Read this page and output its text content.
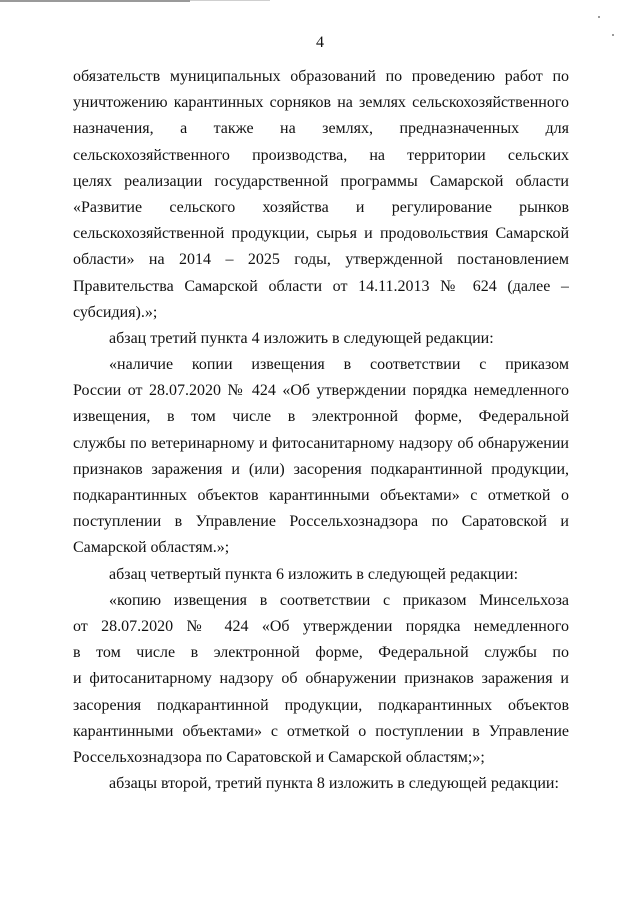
4
обязательств муниципальных образований по проведению работ по
уничтожению карантинных сорняков на землях сельскохозяйственного
назначения, а также на землях, предназначенных для
сельскохозяйственного производства, на территории сельских
целях реализации государственной программы Самарской области
«Развитие сельского хозяйства и регулирование рынков
сельскохозяйственной продукции, сырья и продовольствия Самарской
области» на 2014 – 2025 годы, утвержденной постановлением
Правительства Самарской области от 14.11.2013 № 624 (далее –
субсидия).»;
абзац третий пункта 4 изложить в следующей редакции:
«наличие копии извещения в соответствии с приказом
России от 28.07.2020 № 424 «Об утверждении порядка немедленного
извещения, в том числе в электронной форме, Федеральной
службы по ветеринарному и фитосанитарному надзору об обнаружении
признаков заражения и (или) засорения подкарантинной продукции,
подкарантинных объектов карантинными объектами» с отметкой о
поступлении в Управление Россельхознадзора по Саратовской и
Самарской областям.»;
абзац четвертый пункта 6 изложить в следующей редакции:
«копию извещения в соответствии с приказом Минсельхоза
от 28.07.2020 № 424 «Об утверждении порядка немедленного
в том числе в электронной форме, Федеральной службы по
и фитосанитарному надзору об обнаружении признаков заражения и
засорения подкарантинной продукции, подкарантинных объектов
карантинными объектами» с отметкой о поступлении в Управление
Россельхознадзора по Саратовской и Самарской областям;»;
абзацы второй, третий пункта 8 изложить в следующей редакции:
